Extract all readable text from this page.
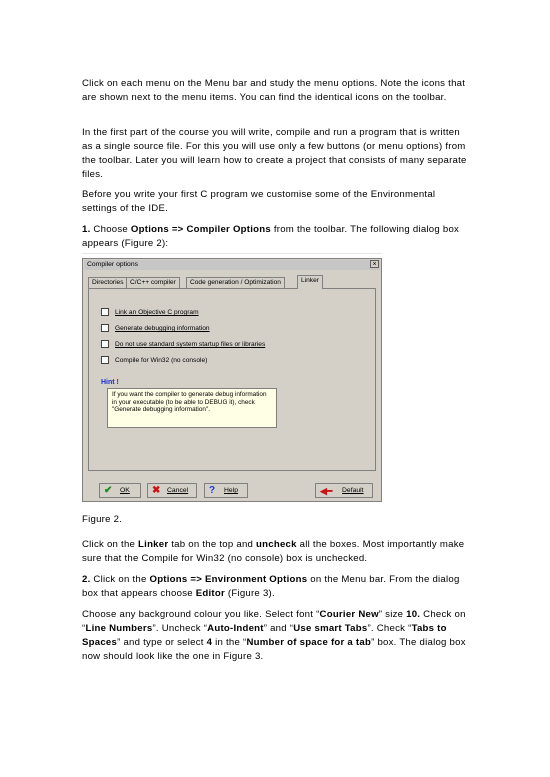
Click on each menu on the Menu bar and study the menu options. Note the icons that are shown next to the menu items. You can find the identical icons on the toolbar.

In the first part of the course you will write, compile and run a program that is written as a single source file. For this you will use only a few buttons (or menu options) from the toolbar. Later you will learn how to create a project that consists of many separate files.

Before you write your first C program we customise some of the Environmental settings of the IDE.

1. Choose Options => Compiler Options from the toolbar. The following dialog box appears (Figure 2):

Compiler options	×
Directories C/C++ compiler	Code generation / Optimization	Linker
Link an Objective C program
Generate debugging information
Do not use standard system startup files or libraries
Compile for Win32 (no console)
Hint !
If you want the compiler to generate debug information in your executable (to be able to DEBUG it), check "Generate debugging information".
✔ OK ✖ Cancel ? Help	◀━ Default

Figure 2.

Click on the Linker tab on the top and uncheck all the boxes. Most importantly make sure that the Compile for Win32 (no console) box is unchecked.

2. Click on the Options => Environment Options on the Menu bar. From the dialog box that appears choose Editor (Figure 3).

Choose any background colour you like. Select font “Courier New” size 10. Check on “Line Numbers”. Uncheck “Auto-Indent” and “Use smart Tabs”. Check “Tabs to Spaces” and type or select 4 in the “Number of space for a tab” box. The dialog box now should look like the one in Figure 3.
